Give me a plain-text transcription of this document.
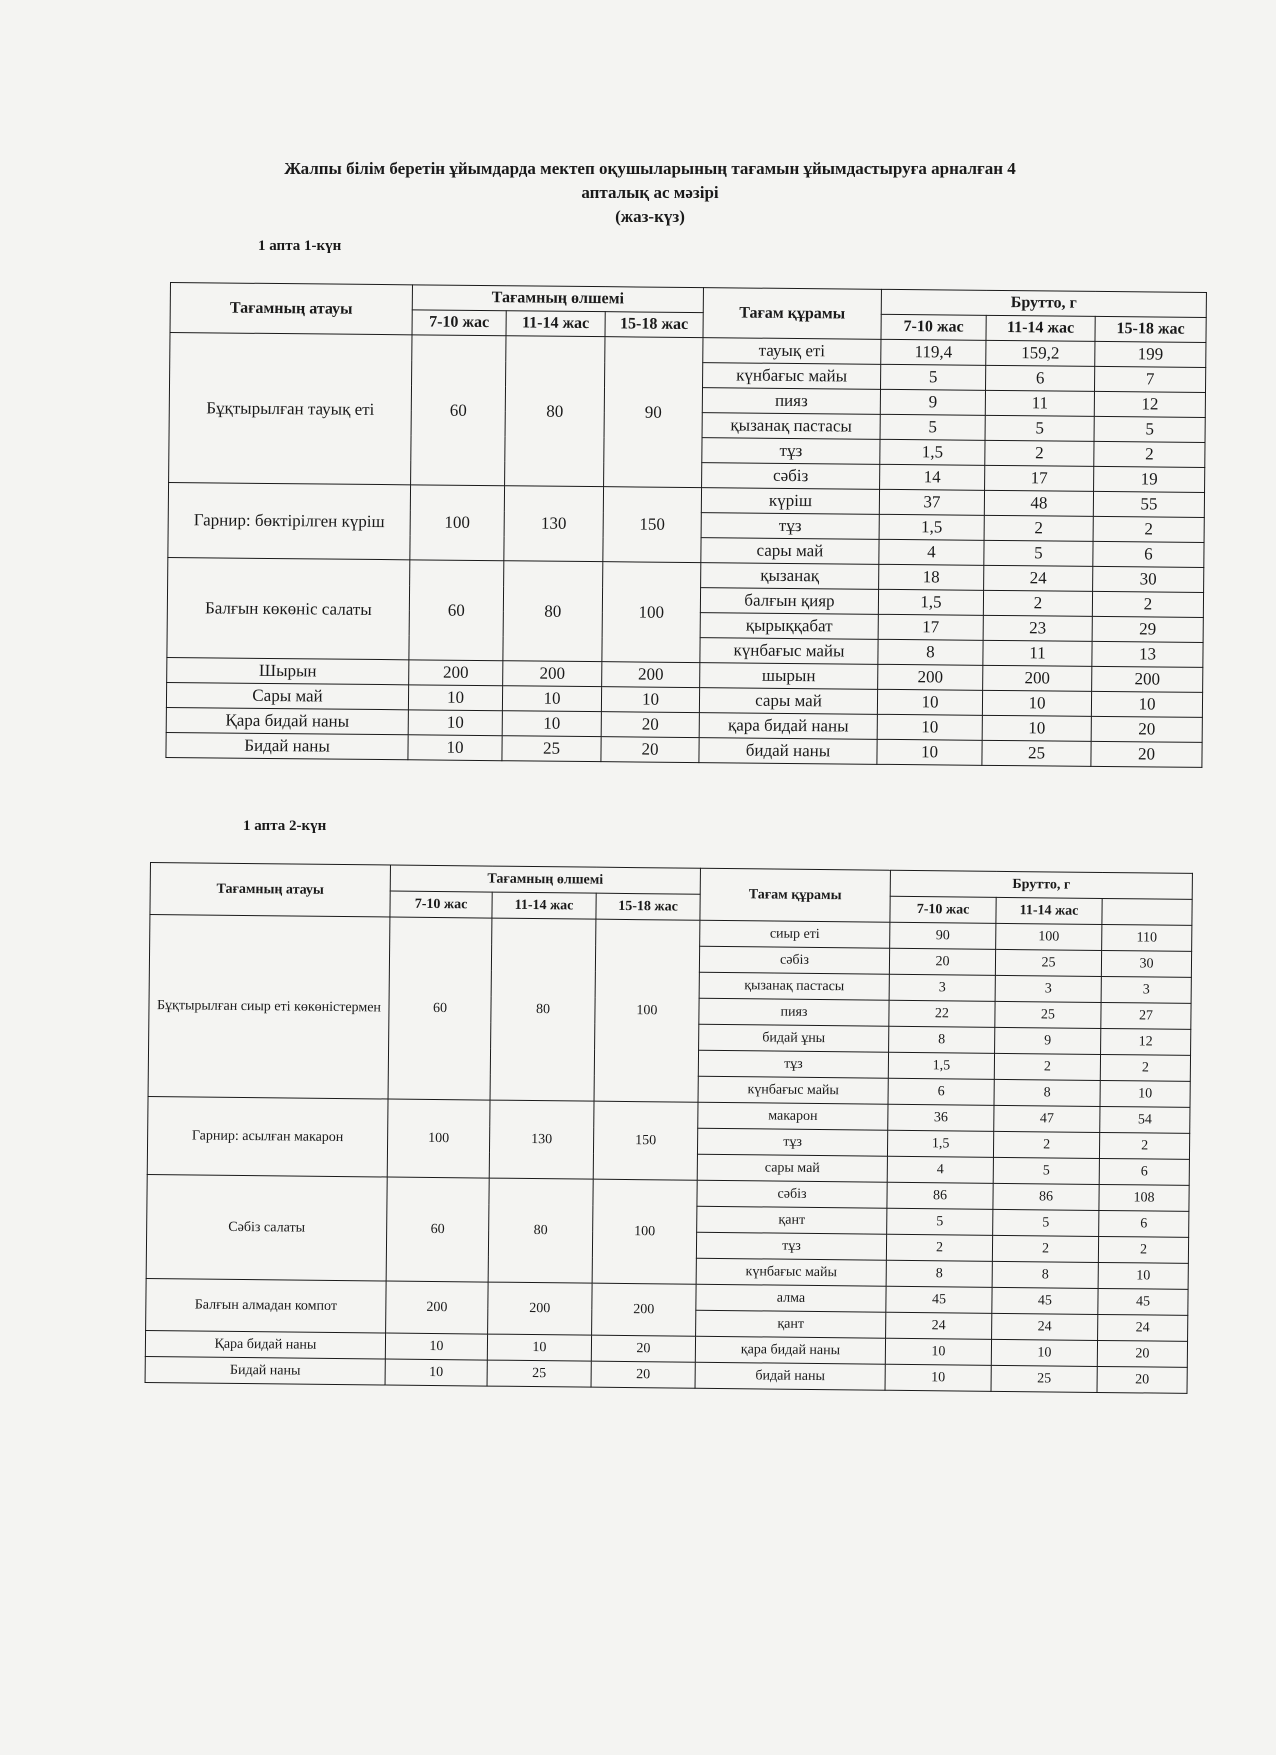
Жалпы білім беретін ұйымдарда мектеп оқушыларының тағамын ұйымдастыруға арналған 4
апталық ас мәзірі
(жаз-күз)
1 апта 1-күн
Тағамның атауы	Тағамның өлшемі			Тағам құрамы	Брутто, г		
	7-10 жас	11-14 жас	15-18 жас		7-10 жас	11-14 жас	15-18 жас
Бұқтырылған тауық еті	60	80	90	тауық еті	119,4	159,2	199
				күнбағыс майы	5	6	7
				пияз	9	11	12
				қызанақ пастасы	5	5	5
				тұз	1,5	2	2
				сәбіз	14	17	19
Гарнир: бөктірілген күріш	100	130	150	күріш	37	48	55
				тұз	1,5	2	2
				сары май	4	5	6
Балғын көкөніс салаты	60	80	100	қызанақ	18	24	30
				балғын қияр	1,5	2	2
				қырыққабат	17	23	29
				күнбағыс майы	8	11	13
Шырын	200	200	200	шырын	200	200	200
Сары май	10	10	10	сары май	10	10	10
Қара бидай наны	10	10	20	қара бидай наны	10	10	20
Бидай наны	10	25	20	бидай наны	10	25	20
1 апта 2-күн
Тағамның атауы	Тағамның өлшемі			Тағам құрамы	Брутто, г		
	7-10 жас	11-14 жас	15-18 жас		7-10 жас	11-14 жас	
Бұқтырылған сиыр еті көкөністермен	60	80	100	сиыр еті	90	100	110
				сәбіз	20	25	30
				қызанақ пастасы	3	3	3
				пияз	22	25	27
				бидай ұны	8	9	12
				тұз	1,5	2	2
				күнбағыс майы	6	8	10
Гарнир: асылған макарон	100	130	150	макарон	36	47	54
				тұз	1,5	2	2
				сары май	4	5	6
Сәбіз салаты	60	80	100	сәбіз	86	86	108
				қант	5	5	6
				тұз	2	2	2
				күнбағыс майы	8	8	10
Балғын алмадан компот	200	200	200	алма	45	45	45
				қант	24	24	24
Қара бидай наны	10	10	20	қара бидай наны	10	10	20
Бидай наны	10	25	20	бидай наны	10	25	20
